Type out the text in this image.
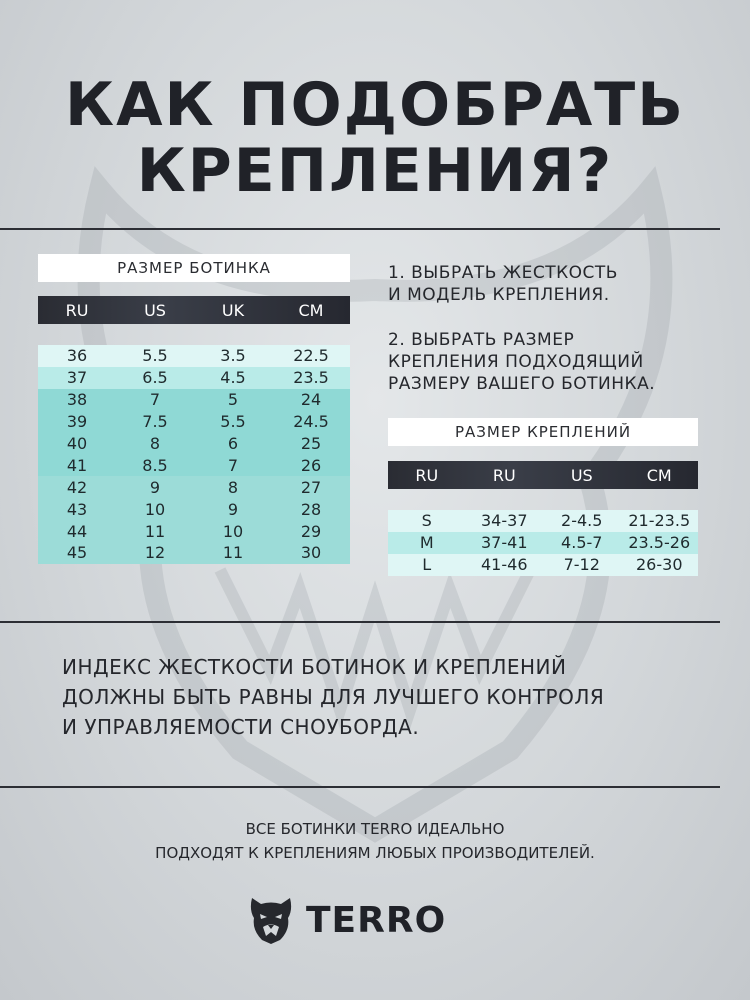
КАК ПОДОБРАТЬ
КРЕПЛЕНИЯ?
РАЗМЕР БОТИНКА
RU	US	UK	CM
36	5.5	3.5	22.5
37	6.5	4.5	23.5
38	7	5	24
39	7.5	5.5	24.5
40	8	6	25
41	8.5	7	26
42	9	8	27
43	10	9	28
44	11	10	29
45	12	11	30
1. ВЫБРАТЬ ЖЕСТКОСТЬ
И МОДЕЛЬ КРЕПЛЕНИЯ.
2. ВЫБРАТЬ РАЗМЕР
КРЕПЛЕНИЯ ПОДХОДЯЩИЙ
РАЗМЕРУ ВАШЕГО БОТИНКА.
РАЗМЕР КРЕПЛЕНИЙ
RU	RU	US	CM
S	34-37	2-4.5	21-23.5
M	37-41	4.5-7	23.5-26
L	41-46	7-12	26-30
ИНДЕКС ЖЕСТКОСТИ БОТИНОК И КРЕПЛЕНИЙ
ДОЛЖНЫ БЫТЬ РАВНЫ ДЛЯ ЛУЧШЕГО КОНТРОЛЯ
И УПРАВЛЯЕМОСТИ СНОУБОРДА.
ВСЕ БОТИНКИ TERRO ИДЕАЛЬНО
ПОДХОДЯТ К КРЕПЛЕНИЯМ ЛЮБЫХ ПРОИЗВОДИТЕЛЕЙ.
TERRO
